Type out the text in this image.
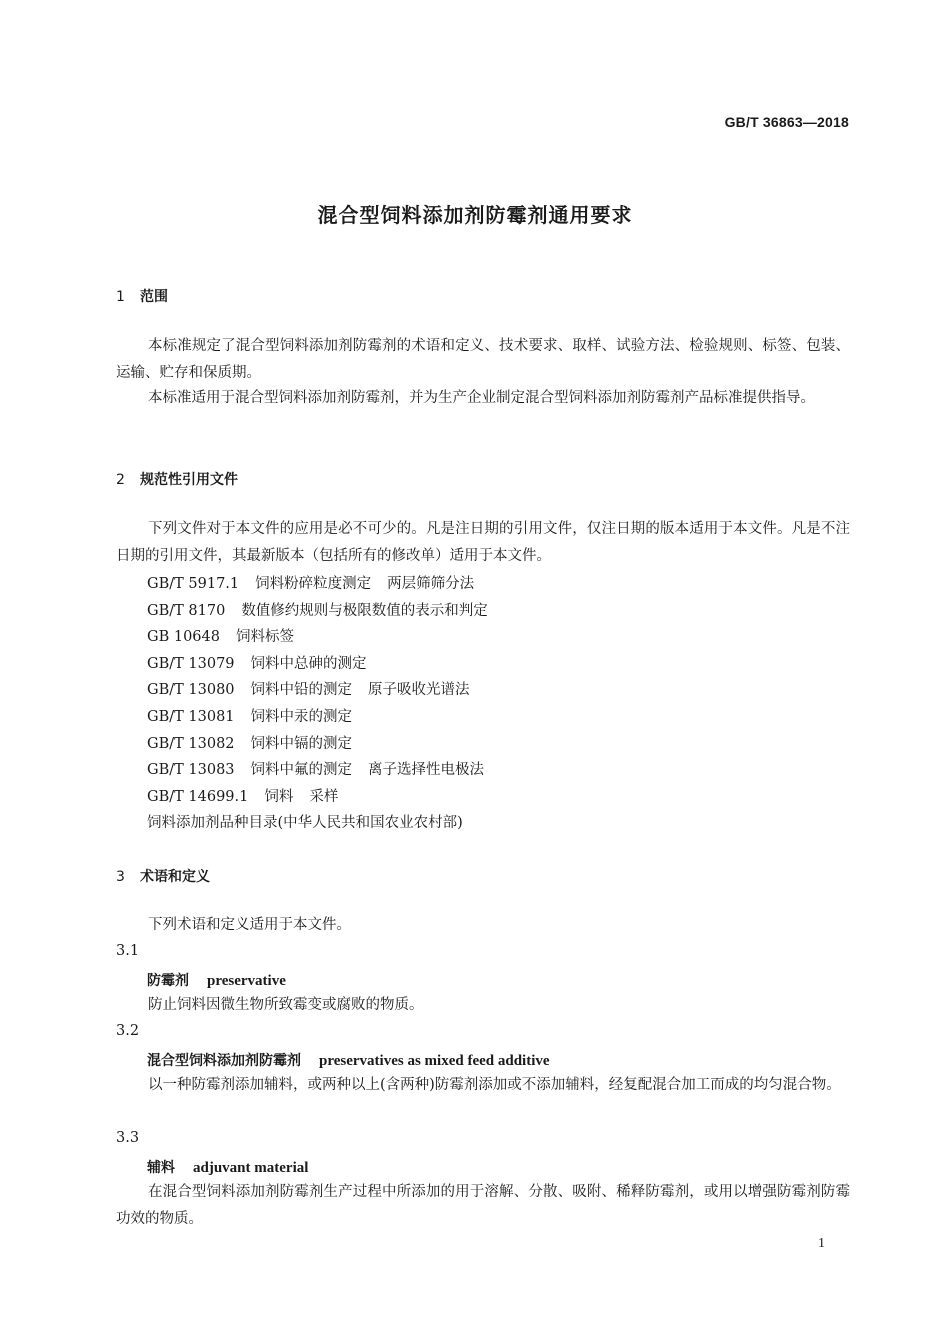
GB/T 36863—2018
混合型饲料添加剂防霉剂通用要求
1 范围

本标准规定了混合型饲料添加剂防霉剂的术语和定义、技术要求、取样、试验方法、检验规则、标签、包装、运输、贮存和保质期。

本标准适用于混合型饲料添加剂防霉剂，并为生产企业制定混合型饲料添加剂防霉剂产品标准提供指导。

2 规范性引用文件

下列文件对于本文件的应用是必不可少的。凡是注日期的引用文件，仅注日期的版本适用于本文件。凡是不注日期的引用文件，其最新版本（包括所有的修改单）适用于本文件。

GB/T 5917.1 饲料粉碎粒度测定 两层筛筛分法
GB/T 8170 数值修约规则与极限数值的表示和判定
GB 10648 饲料标签
GB/T 13079 饲料中总砷的测定
GB/T 13080 饲料中铅的测定 原子吸收光谱法
GB/T 13081 饲料中汞的测定
GB/T 13082 饲料中镉的测定
GB/T 13083 饲料中氟的测定 离子选择性电极法
GB/T 14699.1 饲料 采样
饲料添加剂品种目录(中华人民共和国农业农村部)
3 术语和定义

下列术语和定义适用于本文件。

3.1
防霉剂 preservative

防止饲料因微生物所致霉变或腐败的物质。

3.2
混合型饲料添加剂防霉剂 preservatives as mixed feed additive

以一种防霉剂添加辅料，或两种以上(含两种)防霉剂添加或不添加辅料，经复配混合加工而成的均匀混合物。

3.3
辅料 adjuvant material

在混合型饲料添加剂防霉剂生产过程中所添加的用于溶解、分散、吸附、稀释防霉剂，或用以增强防霉剂防霉功效的物质。

1
